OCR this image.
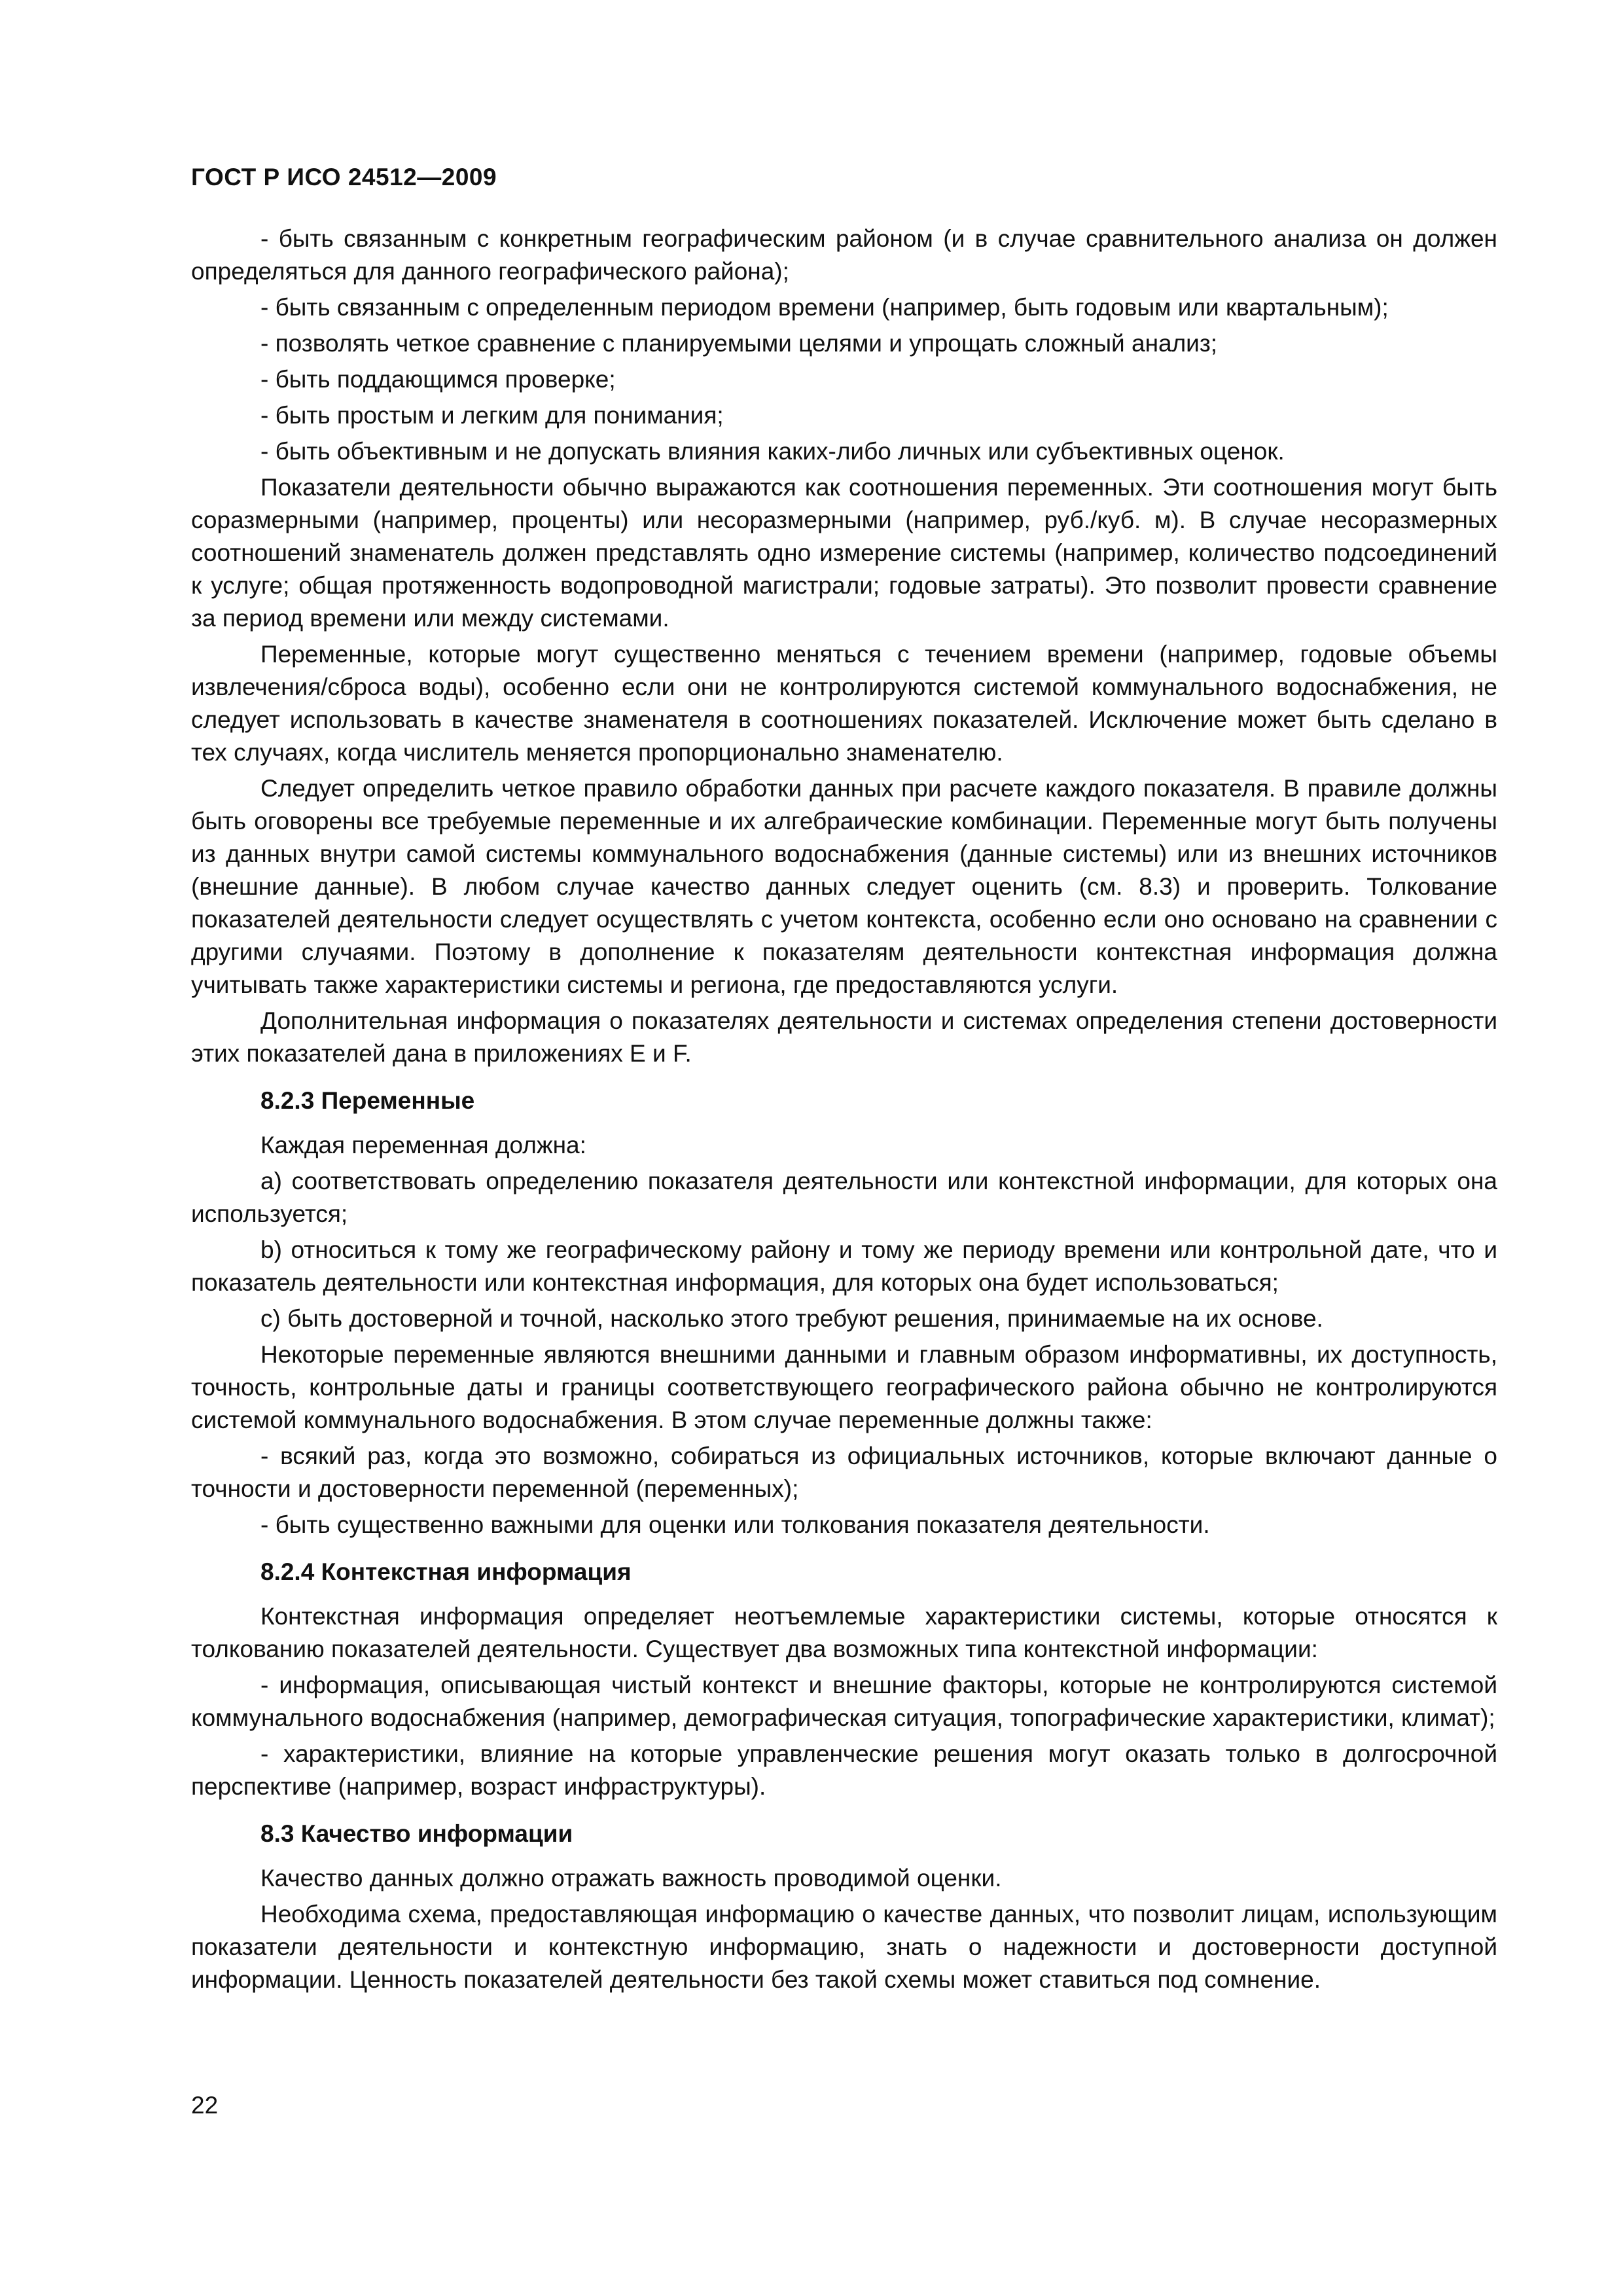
ГОСТ Р ИСО 24512—2009

- быть связанным с конкретным географическим районом (и в случае сравнительного анализа он должен определяться для данного географического района);

- быть связанным с определенным периодом времени (например, быть годовым или квартальным);

- позволять четкое сравнение с планируемыми целями и упрощать сложный анализ;

- быть поддающимся проверке;

- быть простым и легким для понимания;

- быть объективным и не допускать влияния каких-либо личных или субъективных оценок.

Показатели деятельности обычно выражаются как соотношения переменных. Эти соотношения могут быть соразмерными (например, проценты) или несоразмерными (например, руб./куб. м). В случае несоразмерных соотношений знаменатель должен представлять одно измерение системы (например, количество подсоединений к услуге; общая протяженность водопроводной магистрали; годовые затраты). Это позволит провести сравнение за период времени или между системами.

Переменные, которые могут существенно меняться с течением времени (например, годовые объемы извлечения/сброса воды), особенно если они не контролируются системой коммунального водоснабжения, не следует использовать в качестве знаменателя в соотношениях показателей. Исключение может быть сделано в тех случаях, когда числитель меняется пропорционально знаменателю.

Следует определить четкое правило обработки данных при расчете каждого показателя. В правиле должны быть оговорены все требуемые переменные и их алгебраические комбинации. Переменные могут быть получены из данных внутри самой системы коммунального водоснабжения (данные системы) или из внешних источников (внешние данные). В любом случае качество данных следует оценить (см. 8.3) и проверить. Толкование показателей деятельности следует осуществлять с учетом контекста, особенно если оно основано на сравнении с другими случаями. Поэтому в дополнение к показателям деятельности контекстная информация должна учитывать также характеристики системы и региона, где предоставляются услуги.

Дополнительная информация о показателях деятельности и системах определения степени достоверности этих показателей дана в приложениях Е и F.

8.2.3 Переменные

Каждая переменная должна:

a) соответствовать определению показателя деятельности или контекстной информации, для которых она используется;

b) относиться к тому же географическому району и тому же периоду времени или контрольной дате, что и показатель деятельности или контекстная информация, для которых она будет использоваться;

c) быть достоверной и точной, насколько этого требуют решения, принимаемые на их основе.

Некоторые переменные являются внешними данными и главным образом информативны, их доступность, точность, контрольные даты и границы соответствующего географического района обычно не контролируются системой коммунального водоснабжения. В этом случае переменные должны также:

- всякий раз, когда это возможно, собираться из официальных источников, которые включают данные о точности и достоверности переменной (переменных);

- быть существенно важными для оценки или толкования показателя деятельности.

8.2.4 Контекстная информация

Контекстная информация определяет неотъемлемые характеристики системы, которые относятся к толкованию показателей деятельности. Существует два возможных типа контекстной информации:

- информация, описывающая чистый контекст и внешние факторы, которые не контролируются системой коммунального водоснабжения (например, демографическая ситуация, топографические характеристики, климат);

- характеристики, влияние на которые управленческие решения могут оказать только в долгосрочной перспективе (например, возраст инфраструктуры).

8.3 Качество информации

Качество данных должно отражать важность проводимой оценки.

Необходима схема, предоставляющая информацию о качестве данных, что позволит лицам, использующим показатели деятельности и контекстную информацию, знать о надежности и достоверности доступной информации. Ценность показателей деятельности без такой схемы может ставиться под сомнение.

22
